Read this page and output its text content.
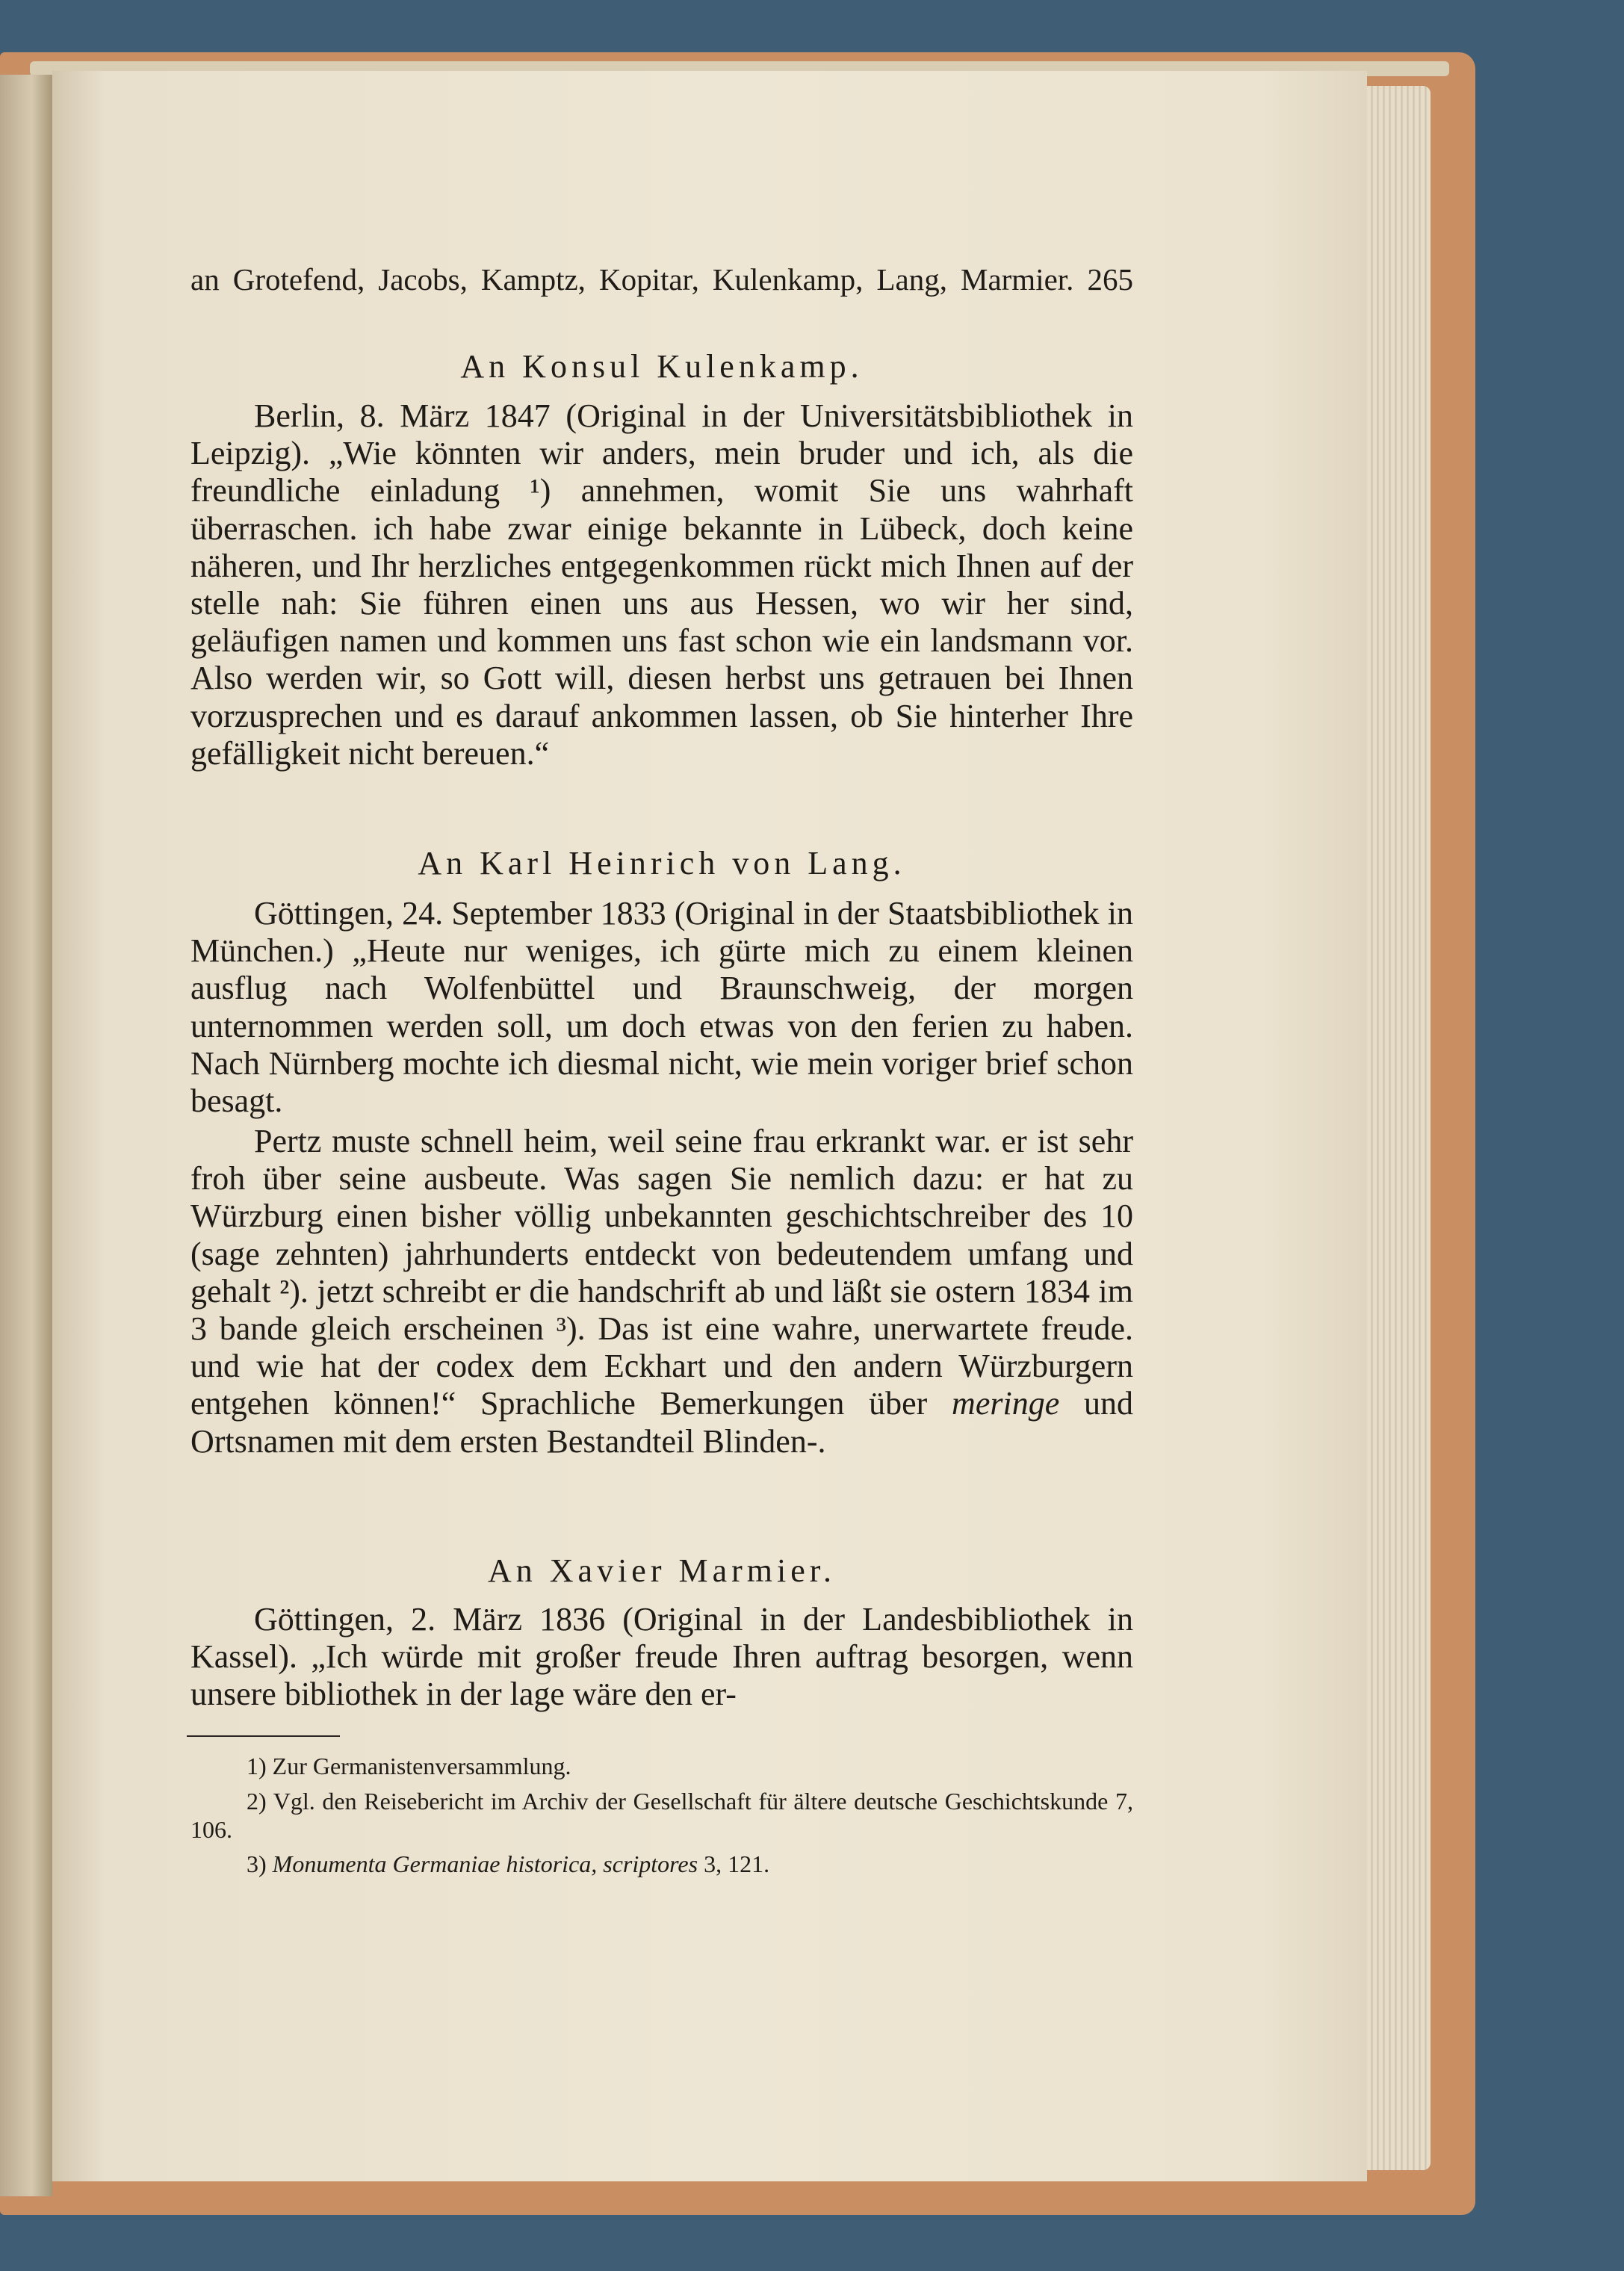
an Grotefend, Jacobs, Kamptz, Kopitar, Kulenkamp, Lang, Marmier. 265
An Konsul Kulenkamp.
Berlin, 8. März 1847 (Original in der Universitätsbibliothek in Leipzig). „Wie könnten wir anders, mein bruder und ich, als die freundliche einladung ¹) annehmen, womit Sie uns wahrhaft überraschen. ich habe zwar einige bekannte in Lübeck, doch keine näheren, und Ihr herzliches entgegenkommen rückt mich Ihnen auf der stelle nah: Sie führen einen uns aus Hessen, wo wir her sind, geläufigen namen und kommen uns fast schon wie ein landsmann vor. Also werden wir, so Gott will, diesen herbst uns getrauen bei Ihnen vorzusprechen und es darauf ankommen lassen, ob Sie hinterher Ihre gefälligkeit nicht bereuen.“
An Karl Heinrich von Lang.
Göttingen, 24. September 1833 (Original in der Staatsbibliothek in München.) „Heute nur weniges, ich gürte mich zu einem kleinen ausflug nach Wolfenbüttel und Braunschweig, der morgen unternommen werden soll, um doch etwas von den ferien zu haben. Nach Nürnberg mochte ich diesmal nicht, wie mein voriger brief schon besagt.
Pertz muste schnell heim, weil seine frau erkrankt war. er ist sehr froh über seine ausbeute. Was sagen Sie nemlich dazu: er hat zu Würzburg einen bisher völlig unbekannten geschichtschreiber des 10 (sage zehnten) jahrhunderts entdeckt von bedeutendem umfang und gehalt ²). jetzt schreibt er die handschrift ab und läßt sie ostern 1834 im 3 bande gleich erscheinen ³). Das ist eine wahre, unerwartete freude. und wie hat der codex dem Eckhart und den andern Würzburgern entgehen können!“ Sprachliche Bemerkungen über meringe und Ortsnamen mit dem ersten Bestandteil Blinden-.
An Xavier Marmier.
Göttingen, 2. März 1836 (Original in der Landesbibliothek in Kassel). „Ich würde mit großer freude Ihren auftrag besorgen, wenn unsere bibliothek in der lage wäre den er-
1) Zur Germanistenversammlung.
2) Vgl. den Reisebericht im Archiv der Gesellschaft für ältere deutsche Geschichtskunde 7, 106.
3) Monumenta Germaniae historica, scriptores 3, 121.
